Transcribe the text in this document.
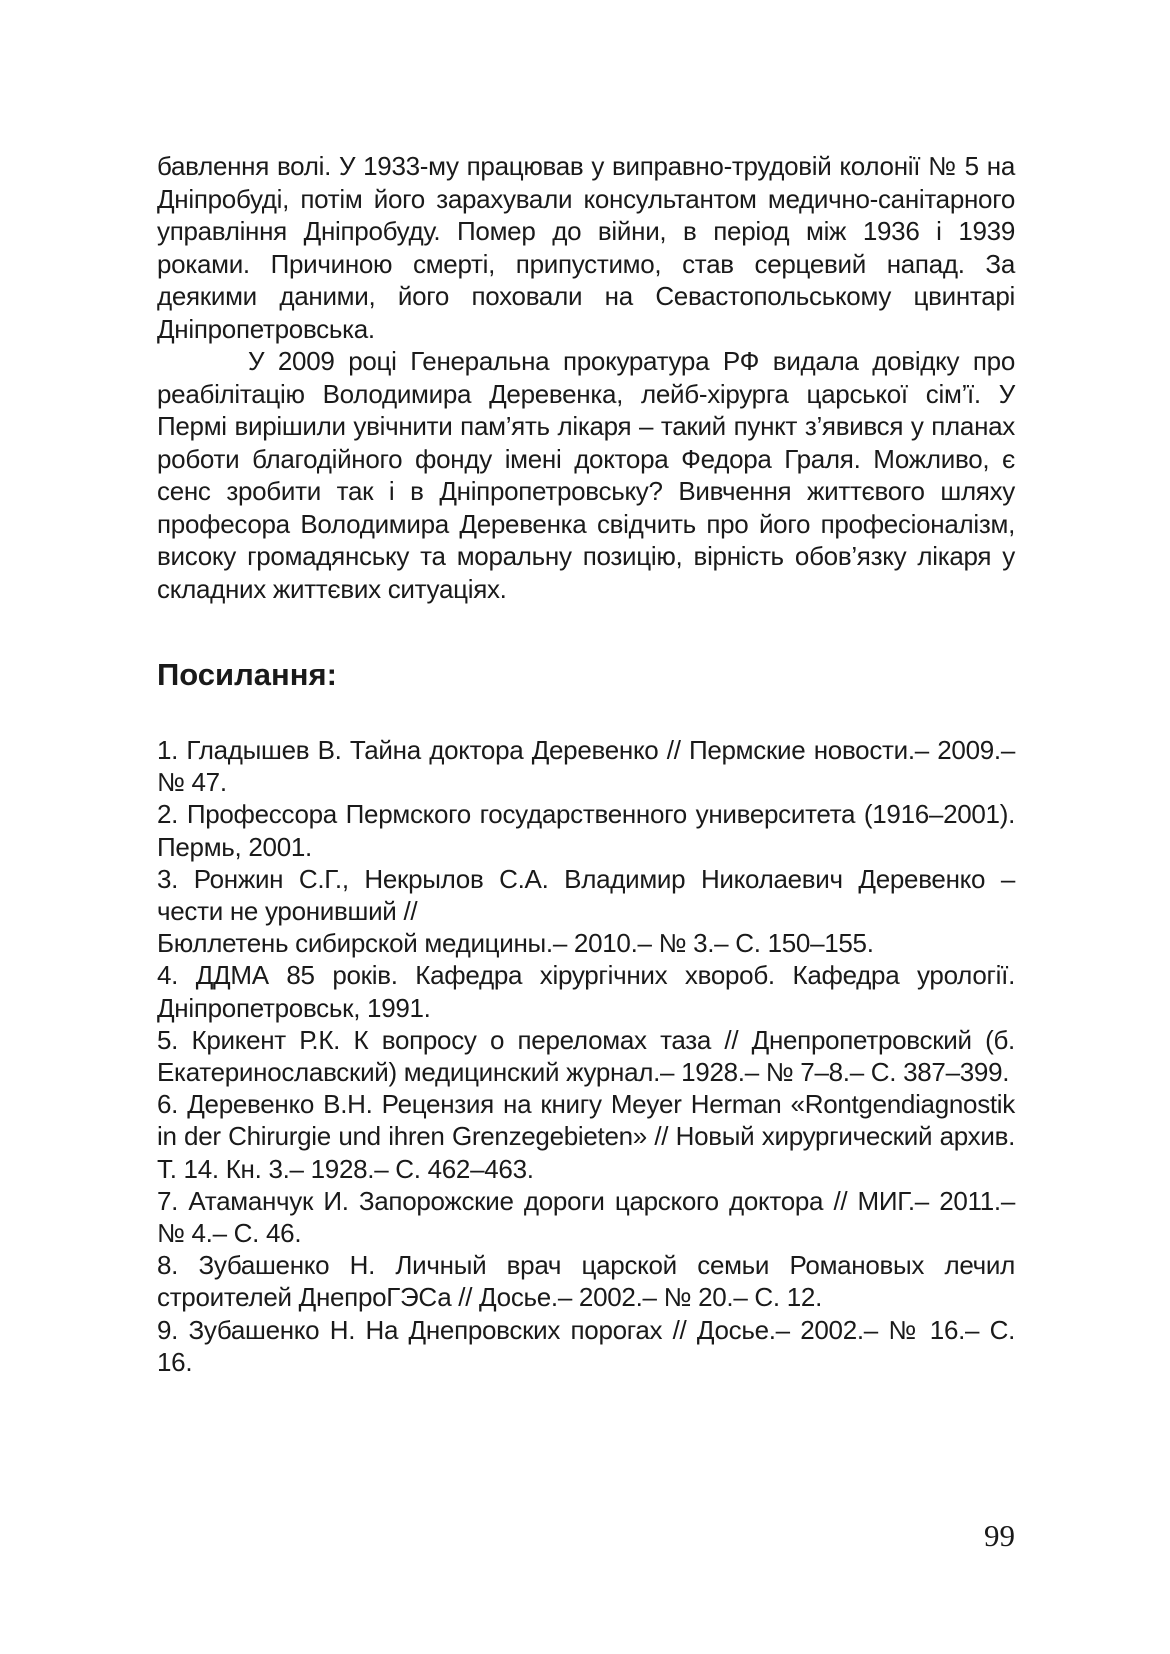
бавлення волі. У 1933-му працював у виправно-трудовій колонії № 5 на Дніпробуді, потім його зарахували консультантом медично-санітарного управління Дніпробуду. Помер до війни, в період між 1936 і 1939 роками. Причиною смерті, припустимо, став серцевий напад. За деякими даними, його поховали на Севастопольському цвинтарі Дніпропетровська.

У 2009 році Генеральна прокуратура РФ видала довідку про реабілітацію Володимира Деревенка, лейб-хірурга царської сім’ї. У Пермі вирішили увічнити пам’ять лікаря – такий пункт з’явився у планах роботи благодійного фонду імені доктора Федора Граля. Можливо, є сенс зробити так і в Дніпропетровську? Вивчення життєвого шляху професора Володимира Деревенка свідчить про його професіоналізм, високу громадянську та моральну позицію, вірність обов’язку лікаря у складних життєвих ситуаціях.

Посилання:
1. Гладышев В. Тайна доктора Деревенко // Пермские новости.– 2009.– № 47.
2. Профессора Пермского государственного университета (1916–2001). Пермь, 2001.
3. Ронжин С.Г., Некрылов С.А. Владимир Николаевич Деревенко – чести не уронивший //
Бюллетень сибирской медицины.– 2010.– № 3.– С. 150–155.
4. ДДМА 85 років. Кафедра хірургічних хвороб. Кафедра урології. Дніпропетровськ, 1991.
5. Крикент Р.К. К вопросу о переломах таза // Днепропетровский (б. Екатеринославский) медицинский журнал.– 1928.– № 7–8.– С. 387–399.
6. Деревенко В.Н. Рецензия на книгу Meyer Herman «Rontgendiagnostik in der Chirurgie und ihren Grenzegebieten» // Новый хирургический архив. Т. 14. Кн. 3.– 1928.– С. 462–463.
7. Атаманчук И. Запорожские дороги царского доктора // МИГ.– 2011.– № 4.– С. 46.
8. Зубашенко Н. Личный врач царской семьи Романовых лечил строителей ДнепроГЭСа // Досье.– 2002.– № 20.– С. 12.
9. Зубашенко Н. На Днепровских порогах // Досье.– 2002.– № 16.– С. 16.
99
